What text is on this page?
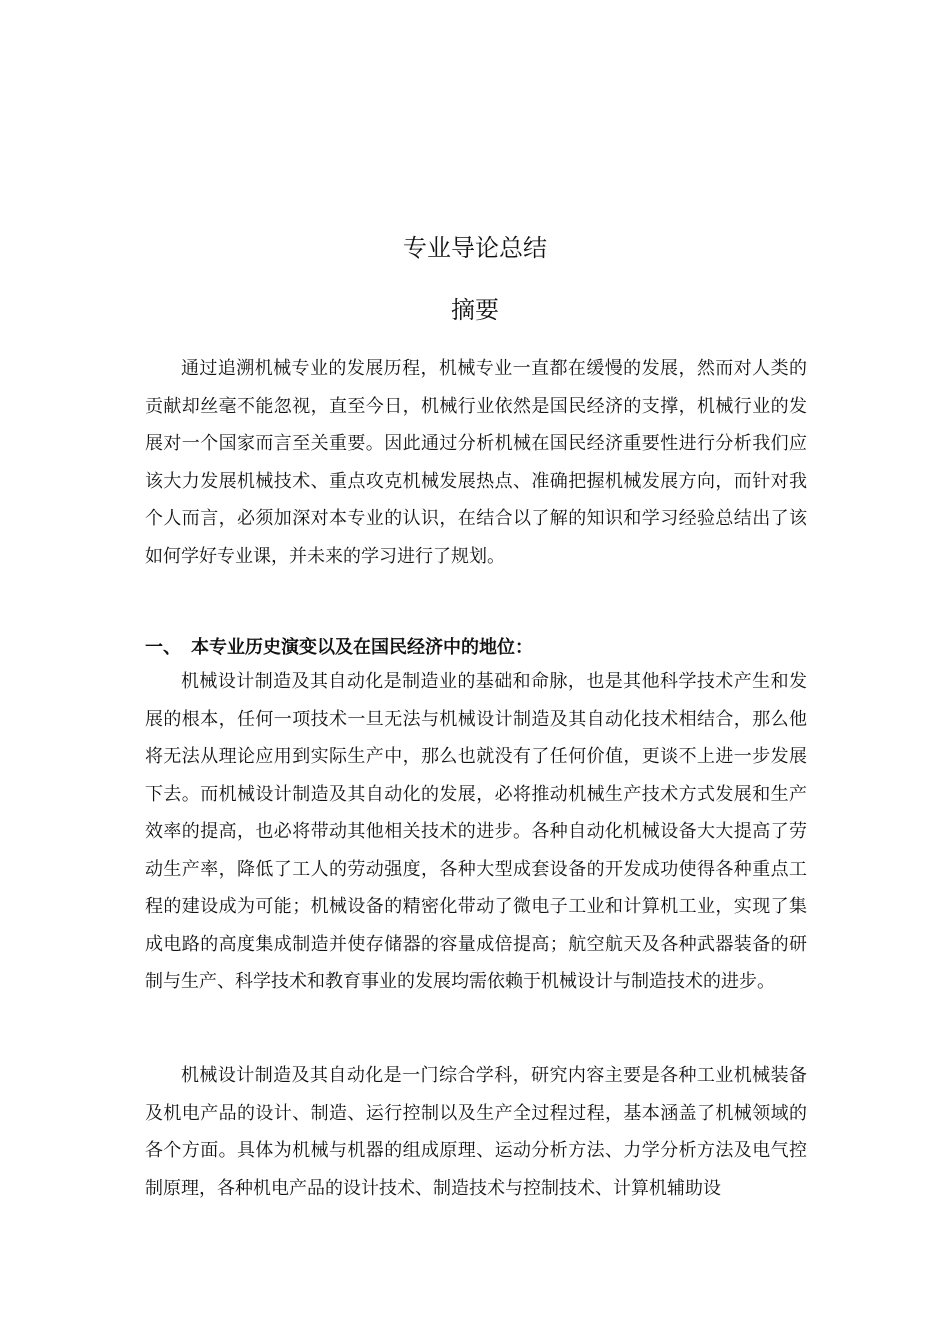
专业导论总结
摘要

通过追溯机械专业的发展历程，机械专业一直都在缓慢的发展，然而对人类的贡献却丝毫不能忽视，直至今日，机械行业依然是国民经济的支撑，机械行业的发展对一个国家而言至关重要。因此通过分析机械在国民经济重要性进行分析我们应该大力发展机械技术、重点攻克机械发展热点、准确把握机械发展方向，而针对我个人而言，必须加深对本专业的认识，在结合以了解的知识和学习经验总结出了该如何学好专业课，并未来的学习进行了规划。

一、 本专业历史演变以及在国民经济中的地位：

机械设计制造及其自动化是制造业的基础和命脉，也是其他科学技术产生和发展的根本，任何一项技术一旦无法与机械设计制造及其自动化技术相结合，那么他将无法从理论应用到实际生产中，那么也就没有了任何价值，更谈不上进一步发展下去。而机械设计制造及其自动化的发展，必将推动机械生产技术方式发展和生产效率的提高，也必将带动其他相关技术的进步。各种自动化机械设备大大提高了劳动生产率，降低了工人的劳动强度，各种大型成套设备的开发成功使得各种重点工程的建设成为可能；机械设备的精密化带动了微电子工业和计算机工业，实现了集成电路的高度集成制造并使存储器的容量成倍提高；航空航天及各种武器装备的研制与生产、科学技术和教育事业的发展均需依赖于机械设计与制造技术的进步。

机械设计制造及其自动化是一门综合学科，研究内容主要是各种工业机械装备及机电产品的设计、制造、运行控制以及生产全过程过程，基本涵盖了机械领域的各个方面。具体为机械与机器的组成原理、运动分析方法、力学分析方法及电气控制原理，各种机电产品的设计技术、制造技术与控制技术、计算机辅助设
